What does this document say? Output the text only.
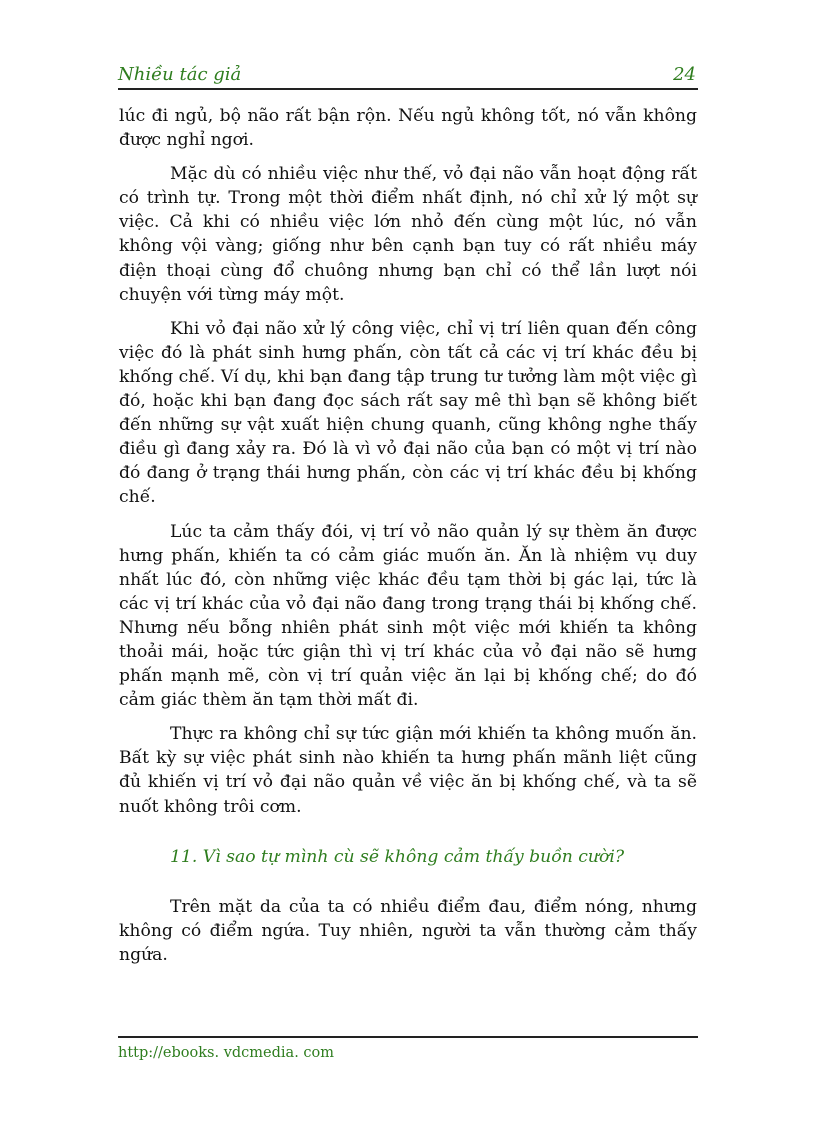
Nhiều tác giả	24

lúc đi ngủ, bộ não rất bận rộn. Nếu ngủ không tốt, nó vẫn không được nghỉ ngơi.

Mặc dù có nhiều việc như thế, vỏ đại não vẫn hoạt động rất có trình tự. Trong một thời điểm nhất định, nó chỉ xử lý một sự việc. Cả khi có nhiều việc lớn nhỏ đến cùng một lúc, nó vẫn không vội vàng; giống như bên cạnh bạn tuy có rất nhiều máy điện thoại cùng đổ chuông nhưng bạn chỉ có thể lần lượt nói chuyện với từng máy một.

Khi vỏ đại não xử lý công việc, chỉ vị trí liên quan đến công việc đó là phát sinh hưng phấn, còn tất cả các vị trí khác đều bị khống chế. Ví dụ, khi bạn đang tập trung tư tưởng làm một việc gì đó, hoặc khi bạn đang đọc sách rất say mê thì bạn sẽ không biết đến những sự vật xuất hiện chung quanh, cũng không nghe thấy điều gì đang xảy ra. Đó là vì vỏ đại não của bạn có một vị trí nào đó đang ở trạng thái hưng phấn, còn các vị trí khác đều bị khống chế.

Lúc ta cảm thấy đói, vị trí vỏ não quản lý sự thèm ăn được hưng phấn, khiến ta có cảm giác muốn ăn. Ăn là nhiệm vụ duy nhất lúc đó, còn những việc khác đều tạm thời bị gác lại, tức là các vị trí khác của vỏ đại não đang trong trạng thái bị khống chế. Nhưng nếu bỗng nhiên phát sinh một việc mới khiến ta không thoải mái, hoặc tức giận thì vị trí khác của vỏ đại não sẽ hưng phấn mạnh mẽ, còn vị trí quản việc ăn lại bị khống chế; do đó cảm giác thèm ăn tạm thời mất đi.

Thực ra không chỉ sự tức giận mới khiến ta không muốn ăn. Bất kỳ sự việc phát sinh nào khiến ta hưng phấn mãnh liệt cũng đủ khiến vị trí vỏ đại não quản về việc ăn bị khống chế, và ta sẽ nuốt không trôi cơm.

11. Vì sao tự mình cù sẽ không cảm thấy buồn cười?

Trên mặt da của ta có nhiều điểm đau, điểm nóng, nhưng không có điểm ngứa. Tuy nhiên, người ta vẫn thường cảm thấy ngứa.

http://ebooks. vdcmedia. com
